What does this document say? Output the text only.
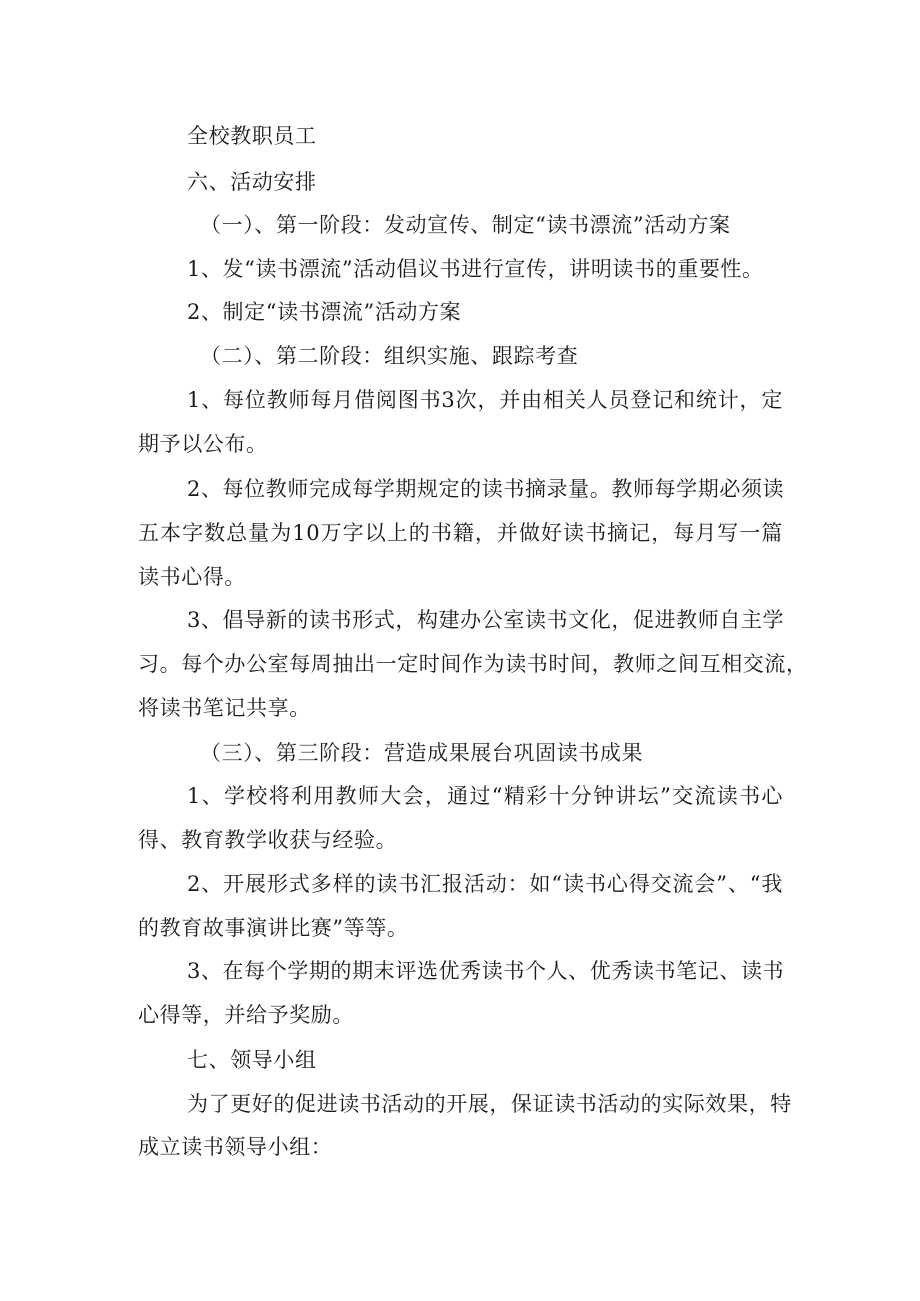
全校教职员工
六、活动安排
（一）、第一阶段：发动宣传、制定“读书漂流”活动方案
1、发“读书漂流”活动倡议书进行宣传，讲明读书的重要性。
2、制定“读书漂流”活动方案
（二）、第二阶段：组织实施、跟踪考查
1、每位教师每月借阅图书3次，并由相关人员登记和统计，定
期予以公布。
2、每位教师完成每学期规定的读书摘录量。教师每学期必须读
五本字数总量为10万字以上的书籍，并做好读书摘记，每月写一篇
读书心得。
3、倡导新的读书形式，构建办公室读书文化，促进教师自主学
习。每个办公室每周抽出一定时间作为读书时间，教师之间互相交流，
将读书笔记共享。
（三）、第三阶段：营造成果展台巩固读书成果
1、学校将利用教师大会，通过“精彩十分钟讲坛”交流读书心
得、教育教学收获与经验。
2、开展形式多样的读书汇报活动：如“读书心得交流会”、“我
的教育故事演讲比赛”等等。
3、在每个学期的期末评选优秀读书个人、优秀读书笔记、读书
心得等，并给予奖励。
七、领导小组
为了更好的促进读书活动的开展，保证读书活动的实际效果，特
成立读书领导小组：
